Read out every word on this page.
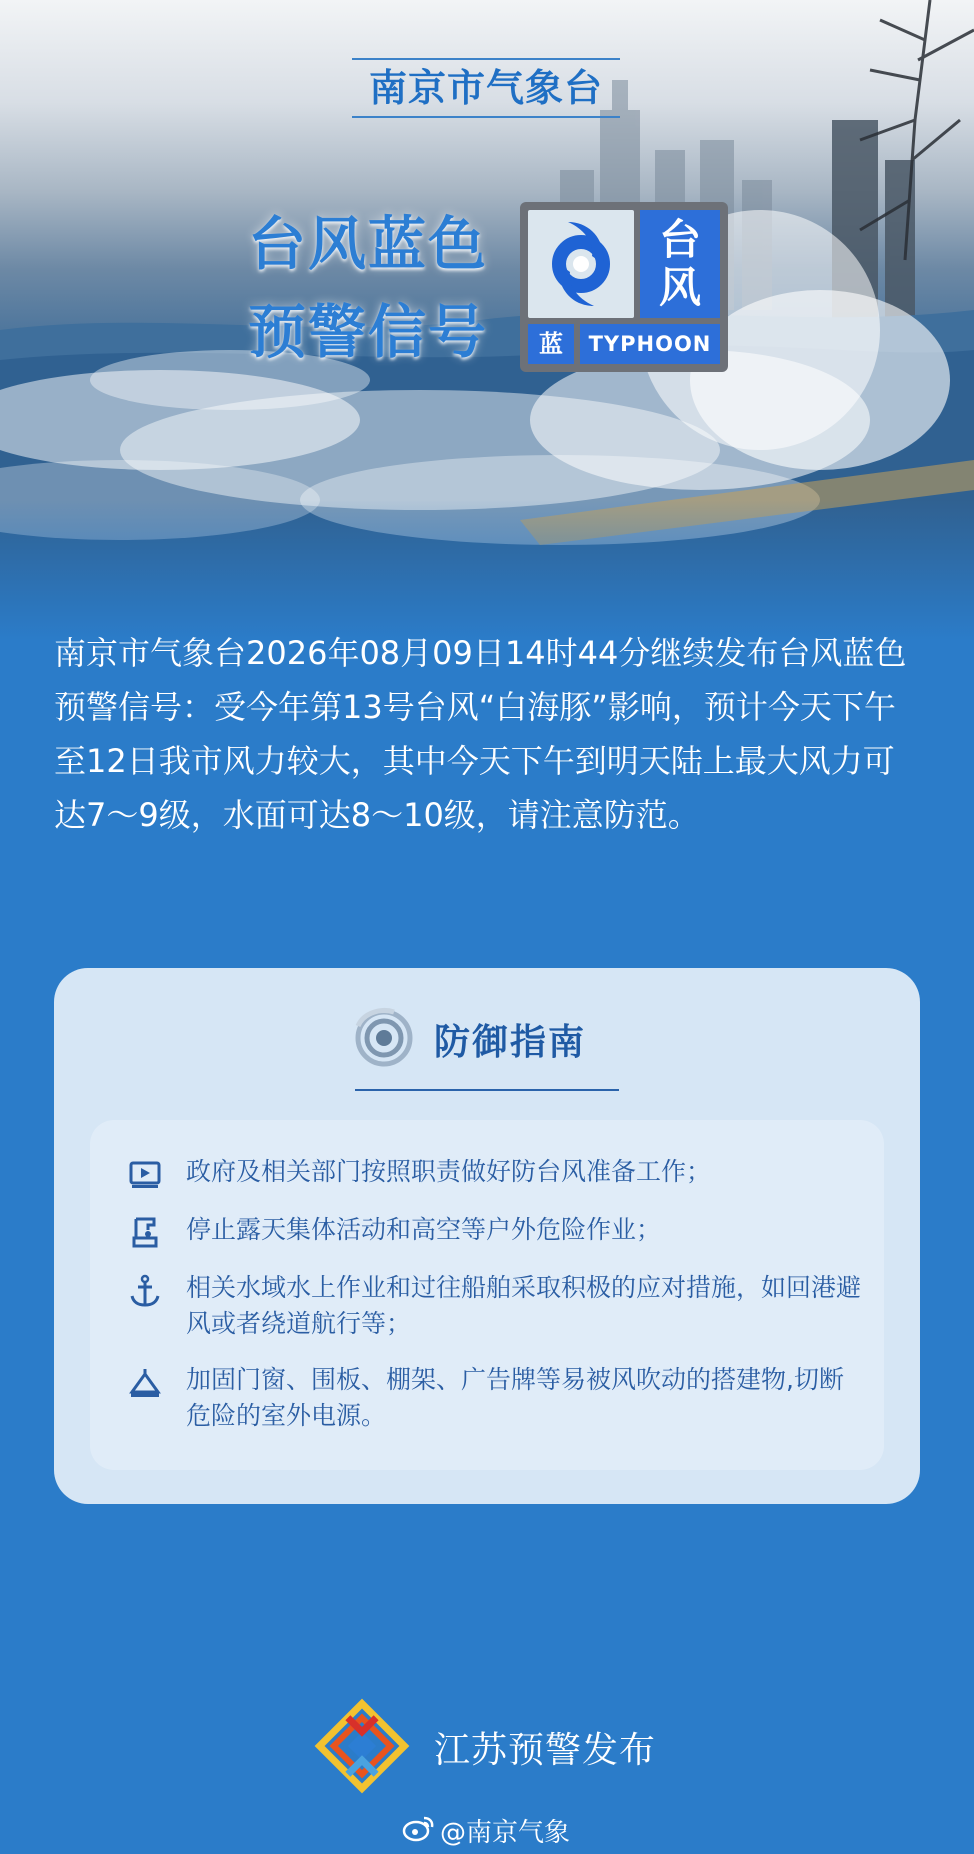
南京市气象台
台风蓝色
预警信号
台
风
蓝	TYPHOON
南京市气象台2026年08月09日14时44分继续发布台风蓝色预警信号：受今年第13号台风“白海豚”影响，预计今天下午至12日我市风力较大，其中今天下午到明天陆上最大风力可达7～9级，水面可达8～10级，请注意防范。
防御指南
政府及相关部门按照职责做好防台风准备工作；
停止露天集体活动和高空等户外危险作业；
相关水域水上作业和过往船舶采取积极的应对措施，如回港避风或者绕道航行等；
加固门窗、围板、棚架、广告牌等易被风吹动的搭建物,切断危险的室外电源。
江苏预警发布
@南京气象
